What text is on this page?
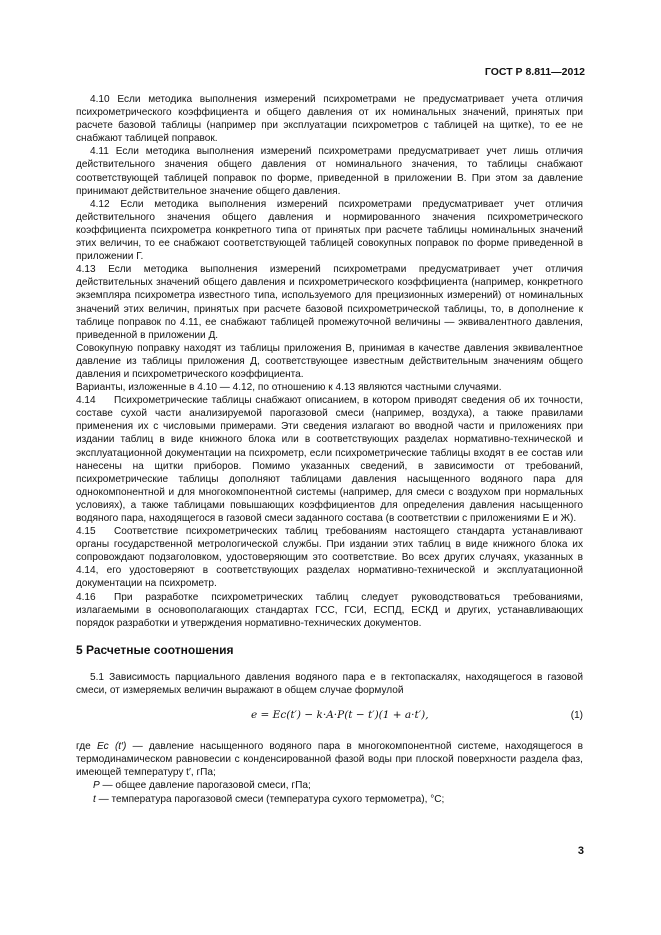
ГОСТ Р 8.811—2012

4.10 Если методика выполнения измерений психрометрами не предусматривает учета отличия психрометрического коэффициента и общего давления от их номинальных значений, принятых при расчете базовой таблицы (например при эксплуатации психрометров с таблицей на щитке), то ее не снабжают таблицей поправок.

4.11 Если методика выполнения измерений психрометрами предусматривает учет лишь отличия действительного значения общего давления от номинального значения, то таблицы снабжают соответствующей таблицей поправок по форме, приведенной в приложении В. При этом за давление принимают действительное значение общего давления.

4.12 Если методика выполнения измерений психрометрами предусматривает учет отличия действительного значения общего давления и нормированного значения психрометрического коэффициента психрометра конкретного типа от принятых при расчете таблицы номинальных значений этих величин, то ее снабжают соответствующей таблицей совокупных поправок по форме приведенной в приложении Г.

4.13 Если методика выполнения измерений психрометрами предусматривает учет отличия действительных значений общего давления и психрометрического коэффициента (например, конкретного экземпляра психрометра известного типа, используемого для прецизионных измерений) от номинальных значений этих величин, принятых при расчете базовой психрометрической таблицы, то, в дополнение к таблице поправок по 4.11, ее снабжают таблицей промежуточной величины — эквивалентного давления, приведенной в приложении Д.

Совокупную поправку находят из таблицы приложения В, принимая в качестве давления эквивалентное давление из таблицы приложения Д, соответствующее известным действительным значениям общего давления и психрометрического коэффициента.

Варианты, изложенные в 4.10 — 4.12, по отношению к 4.13 являются частными случаями.

4.14 Психрометрические таблицы снабжают описанием, в котором приводят сведения об их точности, составе сухой части анализируемой парогазовой смеси (например, воздуха), а также правилами применения их с числовыми примерами. Эти сведения излагают во вводной части и приложениях при издании таблиц в виде книжного блока или в соответствующих разделах нормативно-технической и эксплуатационной документации на психрометр, если психрометрические таблицы входят в ее состав или нанесены на щитки приборов. Помимо указанных сведений, в зависимости от требований, психрометрические таблицы дополняют таблицами давления насыщенного водяного пара для однокомпонентной и для многокомпонентной системы (например, для смеси с воздухом при нормальных условиях), а также таблицами повышающих коэффициентов для определения давления насыщенного водяного пара, находящегося в газовой смеси заданного состава (в соответствии с приложениями Е и Ж).

4.15 Соответствие психрометрических таблиц требованиям настоящего стандарта устанавливают органы государственной метрологической службы. При издании этих таблиц в виде книжного блока их сопровождают подзаголовком, удостоверяющим это соответствие. Во всех других случаях, указанных в 4.14, его удостоверяют в соответствующих разделах нормативно-технической и эксплуатационной документации на психрометр.

4.16 При разработке психрометрических таблиц следует руководствоваться требованиями, излагаемыми в основополагающих стандартах ГСС, ГСИ, ЕСПД, ЕСКД и других, устанавливающих порядок разработки и утверждения нормативно-технических документов.

5 Расчетные соотношения

5.1 Зависимость парциального давления водяного пара e в гектопаскалях, находящегося в газовой смеси, от измеряемых величин выражают в общем случае формулой

e = Ec(t′) − k·A·P(t − t′)(1 + a·t′),	(1)

где Ec (t′) — давление насыщенного водяного пара в многокомпонентной системе, находящегося в термодинамическом равновесии с конденсированной фазой воды при плоской поверхности раздела фаз, имеющей температуру t′, гПа;

P — общее давление парогазовой смеси, гПа;

t — температура парогазовой смеси (температура сухого термометра), °С;

3
